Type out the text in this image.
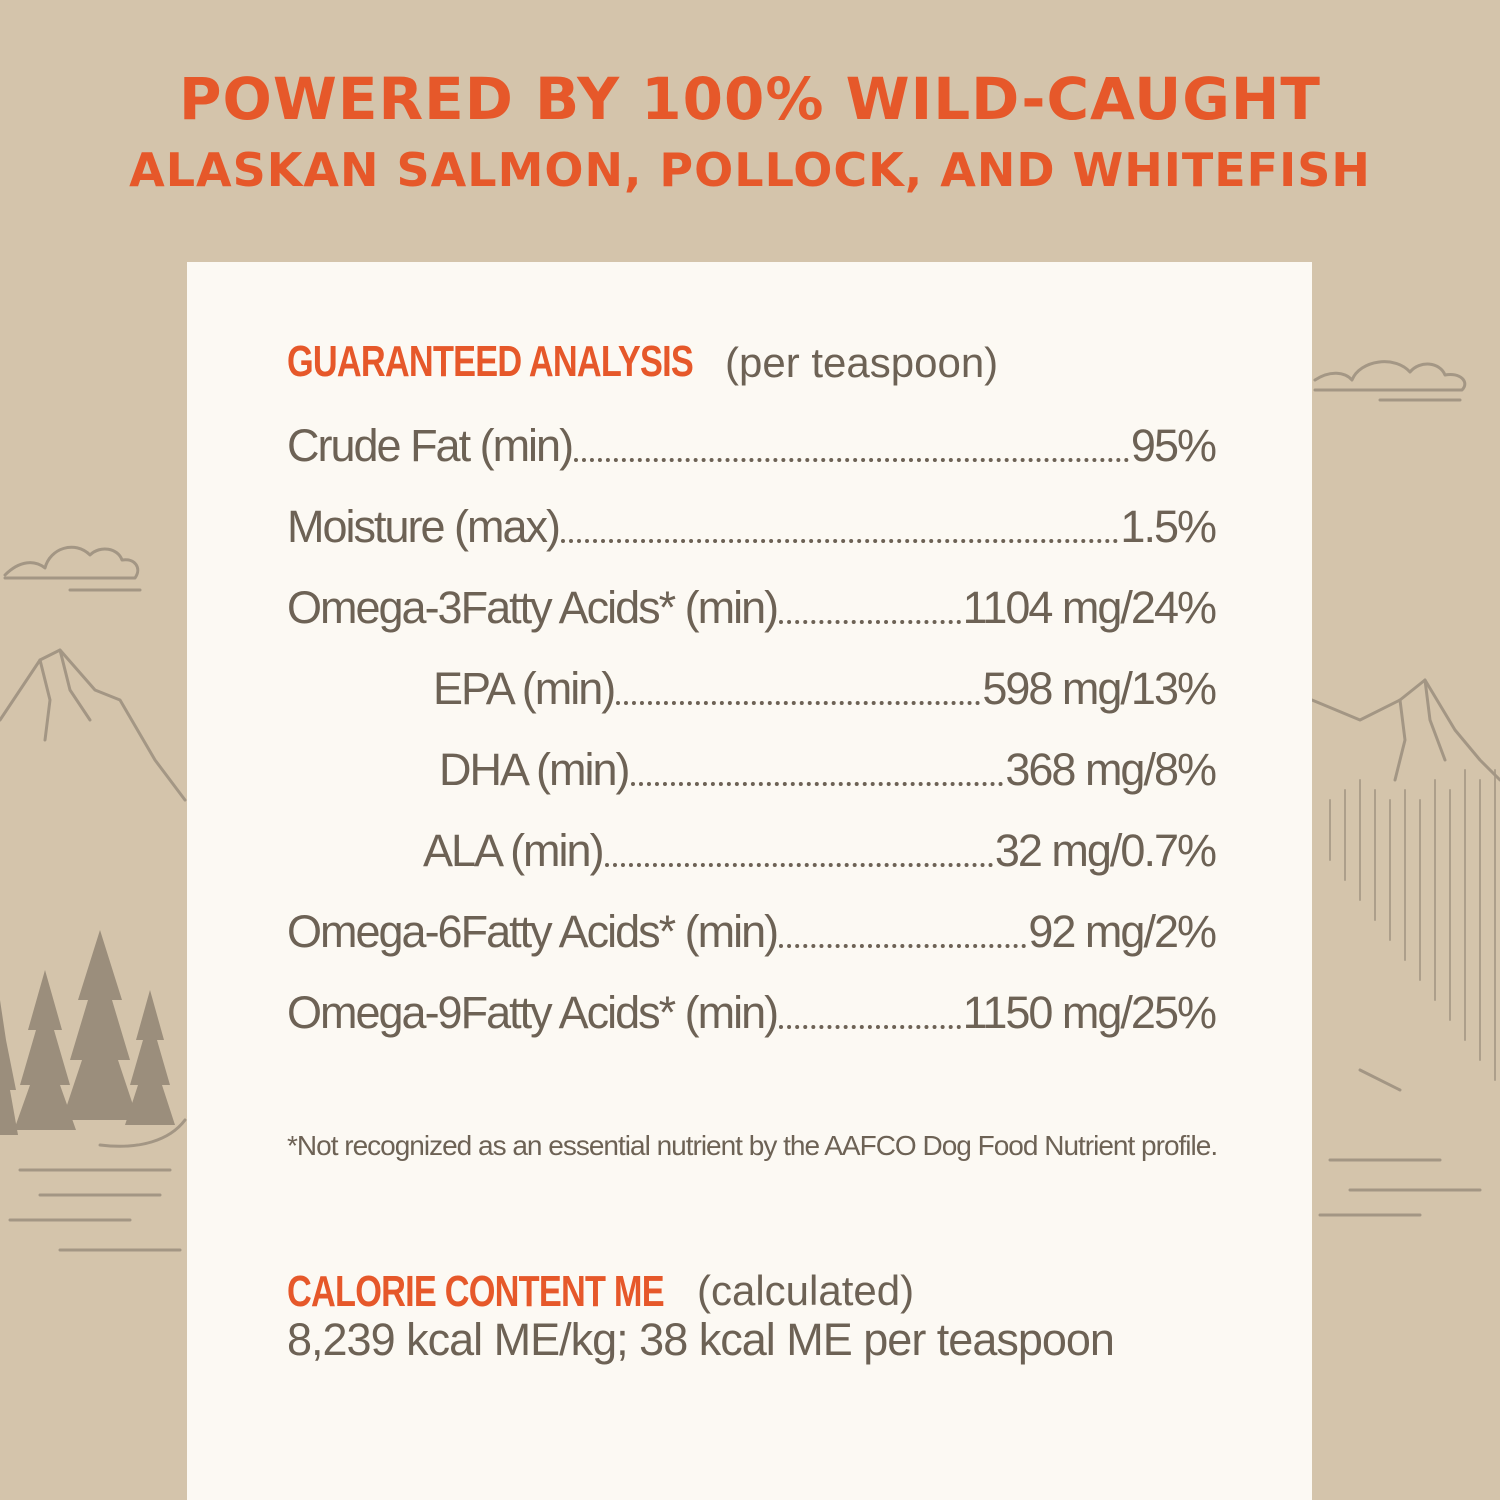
POWERED BY 100% WILD-CAUGHT
ALASKAN SALMON, POLLOCK, AND WHITEFISH
GUARANTEED ANALYSIS (per teaspoon)
Crude Fat (min)	95%
Moisture (max)	1.5%
Omega-3Fatty Acids* (min)	1104 mg/24%
EPA (min)	598 mg/13%
DHA (min)	368 mg/8%
ALA (min)	32 mg/0.7%
Omega-6Fatty Acids* (min)	92 mg/2%
Omega-9Fatty Acids* (min)	1150 mg/25%
*Not recognized as an essential nutrient by the AAFCO Dog Food Nutrient profile.
CALORIE CONTENT ME (calculated)
8,239 kcal ME/kg; 38 kcal ME per teaspoon
